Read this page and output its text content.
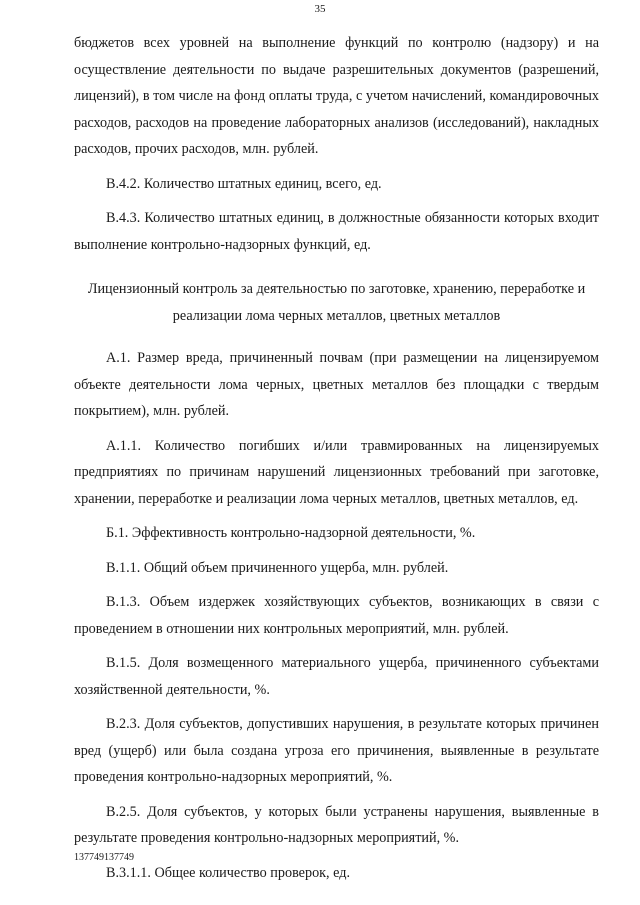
35

бюджетов всех уровней на выполнение функций по контролю (надзору) и на осуществление деятельности по выдаче разрешительных документов (разрешений, лицензий), в том числе на фонд оплаты труда, с учетом начислений, командировочных расходов, расходов на проведение лабораторных анализов (исследований), накладных расходов, прочих расходов, млн. рублей.

В.4.2. Количество штатных единиц, всего, ед.

В.4.3. Количество штатных единиц, в должностные обязанности которых входит выполнение контрольно-надзорных функций, ед.

Лицензионный контроль за деятельностью по заготовке, хранению, переработке и реализации лома черных металлов, цветных металлов

А.1. Размер вреда, причиненный почвам (при размещении на лицензируемом объекте деятельности лома черных, цветных металлов без площадки с твердым покрытием), млн. рублей.

А.1.1. Количество погибших и/или травмированных на лицензируемых предприятиях по причинам нарушений лицензионных требований при заготовке, хранении, переработке и реализации лома черных металлов, цветных металлов, ед.

Б.1. Эффективность контрольно-надзорной деятельности, %.

В.1.1. Общий объем причиненного ущерба, млн. рублей.

В.1.3. Объем издержек хозяйствующих субъектов, возникающих в связи с проведением в отношении них контрольных мероприятий, млн. рублей.

В.1.5. Доля возмещенного материального ущерба, причиненного субъектами хозяйственной деятельности, %.

В.2.3. Доля субъектов, допустивших нарушения, в результате которых причинен вред (ущерб) или была создана угроза его причинения, выявленные в результате проведения контрольно-надзорных мероприятий, %.

В.2.5. Доля субъектов, у которых были устранены нарушения, выявленные в результате проведения контрольно-надзорных мероприятий, %.

В.3.1.1. Общее количество проверок, ед.

137749137749
